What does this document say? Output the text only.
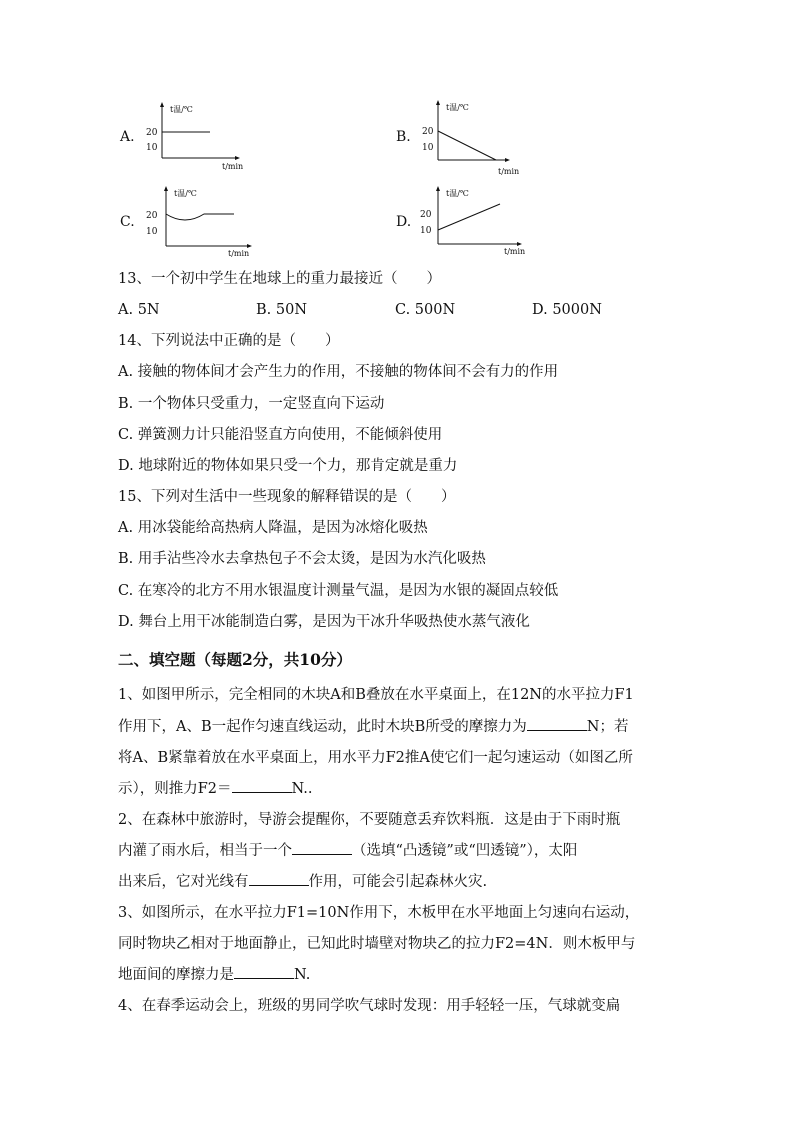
A.
t温/℃
20
10
t/min
B.
t温/℃
20
10
t/min
C.
t温/℃
20
10
t/min
D.
t温/℃
20
10
t/min
13、一个初中学生在地球上的重力最接近（　　）
A. 5N	B. 50N	C. 500N	D. 5000N
14、下列说法中正确的是（　　）
A. 接触的物体间才会产生力的作用，不接触的物体间不会有力的作用
B. 一个物体只受重力，一定竖直向下运动
C. 弹簧测力计只能沿竖直方向使用，不能倾斜使用
D. 地球附近的物体如果只受一个力，那肯定就是重力
15、下列对生活中一些现象的解释错误的是（　　）
A. 用冰袋能给高热病人降温，是因为冰熔化吸热
B. 用手沾些冷水去拿热包子不会太烫，是因为水汽化吸热
C. 在寒冷的北方不用水银温度计测量气温，是因为水银的凝固点较低
D. 舞台上用干冰能制造白雾，是因为干冰升华吸热使水蒸气液化
二、填空题（每题2分，共10分）
1、如图甲所示，完全相同的木块A和B叠放在水平桌面上，在12N的水平拉力F1
作用下，A、B一起作匀速直线运动，此时木块B所受的摩擦力为	N；若
将A、B紧靠着放在水平桌面上，用水平力F2推A使它们一起匀速运动（如图乙所
示），则推力F2＝	N..
2、在森林中旅游时，导游会提醒你，不要随意丢弃饮料瓶．这是由于下雨时瓶
内灌了雨水后，相当于一个	（选填“凸透镜”或“凹透镜”），太阳
出来后，它对光线有	作用，可能会引起森林火灾.
3、如图所示，在水平拉力F1=10N作用下，木板甲在水平地面上匀速向右运动，
同时物块乙相对于地面静止，已知此时墙壁对物块乙的拉力F2=4N．则木板甲与
地面间的摩擦力是	N.
4、在春季运动会上，班级的男同学吹气球时发现：用手轻轻一压，气球就变扁
